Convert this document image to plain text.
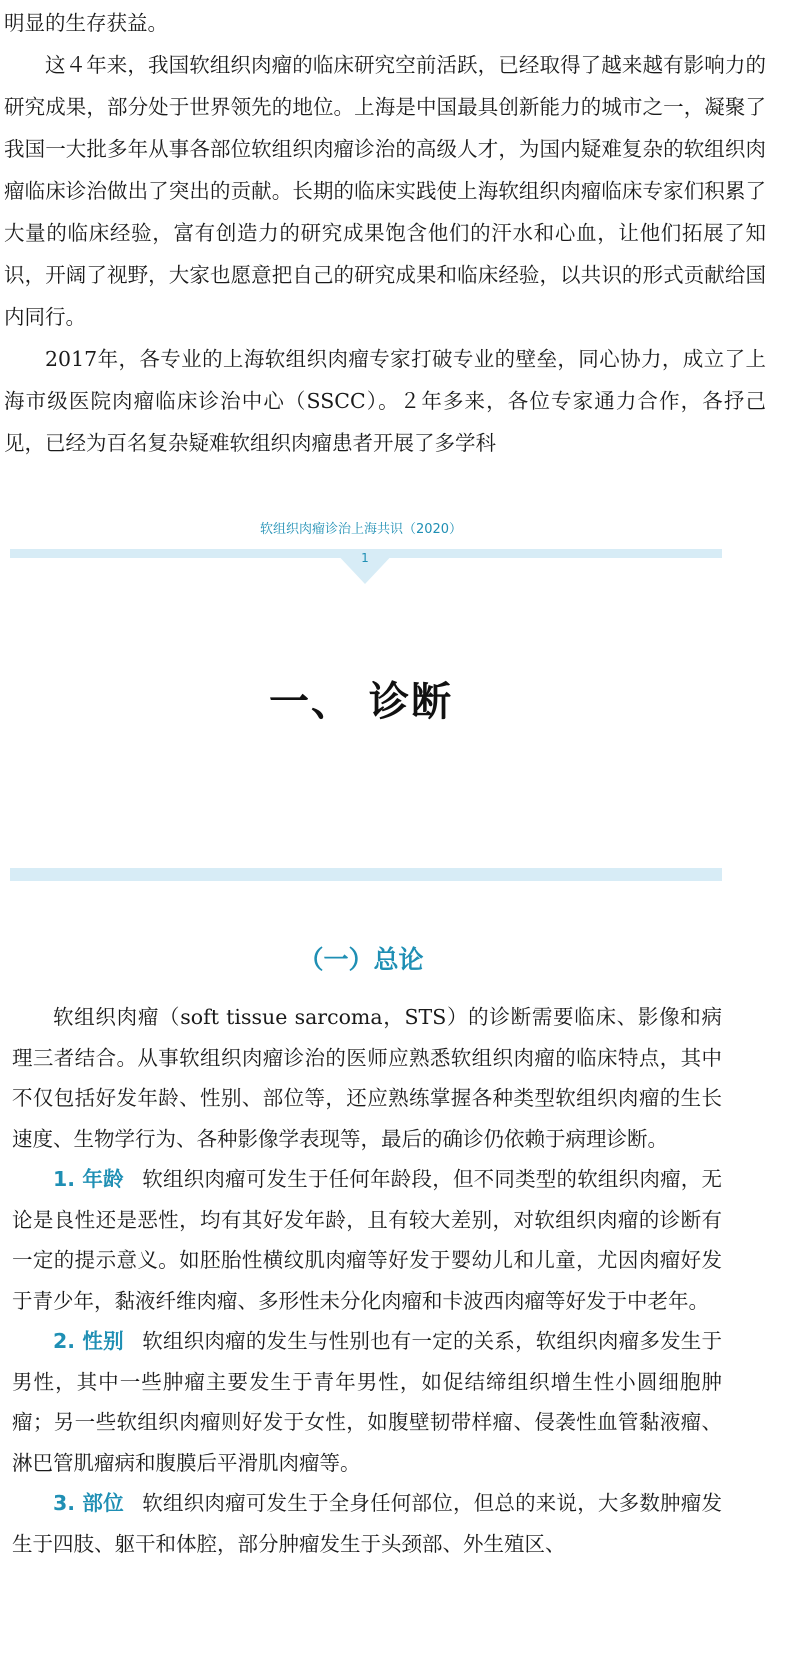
明显的生存获益。

这４年来，我国软组织肉瘤的临床研究空前活跃，已经取得了越来越有影响力的研究成果，部分处于世界领先的地位。上海是中国最具创新能力的城市之一，凝聚了我国一大批多年从事各部位软组织肉瘤诊治的高级人才，为国内疑难复杂的软组织肉瘤临床诊治做出了突出的贡献。长期的临床实践使上海软组织肉瘤临床专家们积累了大量的临床经验，富有创造力的研究成果饱含他们的汗水和心血，让他们拓展了知识，开阔了视野，大家也愿意把自己的研究成果和临床经验，以共识的形式贡献给国内同行。

2017年，各专业的上海软组织肉瘤专家打破专业的壁垒，同心协力，成立了上海市级医院肉瘤临床诊治中心（SSCC）。２年多来，各位专家通力合作，各抒己见，已经为百名复杂疑难软组织肉瘤患者开展了多学科

软组织肉瘤诊治上海共识（2020）
1
一、 诊断
（一）总论

软组织肉瘤（soft tissue sarcoma，STS）的诊断需要临床、影像和病理三者结合。从事软组织肉瘤诊治的医师应熟悉软组织肉瘤的临床特点，其中不仅包括好发年龄、性别、部位等，还应熟练掌握各种类型软组织肉瘤的生长速度、生物学行为、各种影像学表现等，最后的确诊仍依赖于病理诊断。

1. 年龄 软组织肉瘤可发生于任何年龄段，但不同类型的软组织肉瘤，无论是良性还是恶性，均有其好发年龄，且有较大差别，对软组织肉瘤的诊断有一定的提示意义。如胚胎性横纹肌肉瘤等好发于婴幼儿和儿童，尤因肉瘤好发于青少年，黏液纤维肉瘤、多形性未分化肉瘤和卡波西肉瘤等好发于中老年。

2. 性别 软组织肉瘤的发生与性别也有一定的关系，软组织肉瘤多发生于男性，其中一些肿瘤主要发生于青年男性，如促结缔组织增生性小圆细胞肿瘤；另一些软组织肉瘤则好发于女性，如腹壁韧带样瘤、侵袭性血管黏液瘤、淋巴管肌瘤病和腹膜后平滑肌肉瘤等。

3. 部位 软组织肉瘤可发生于全身任何部位，但总的来说，大多数肿瘤发生于四肢、躯干和体腔，部分肿瘤发生于头颈部、外生殖区、
